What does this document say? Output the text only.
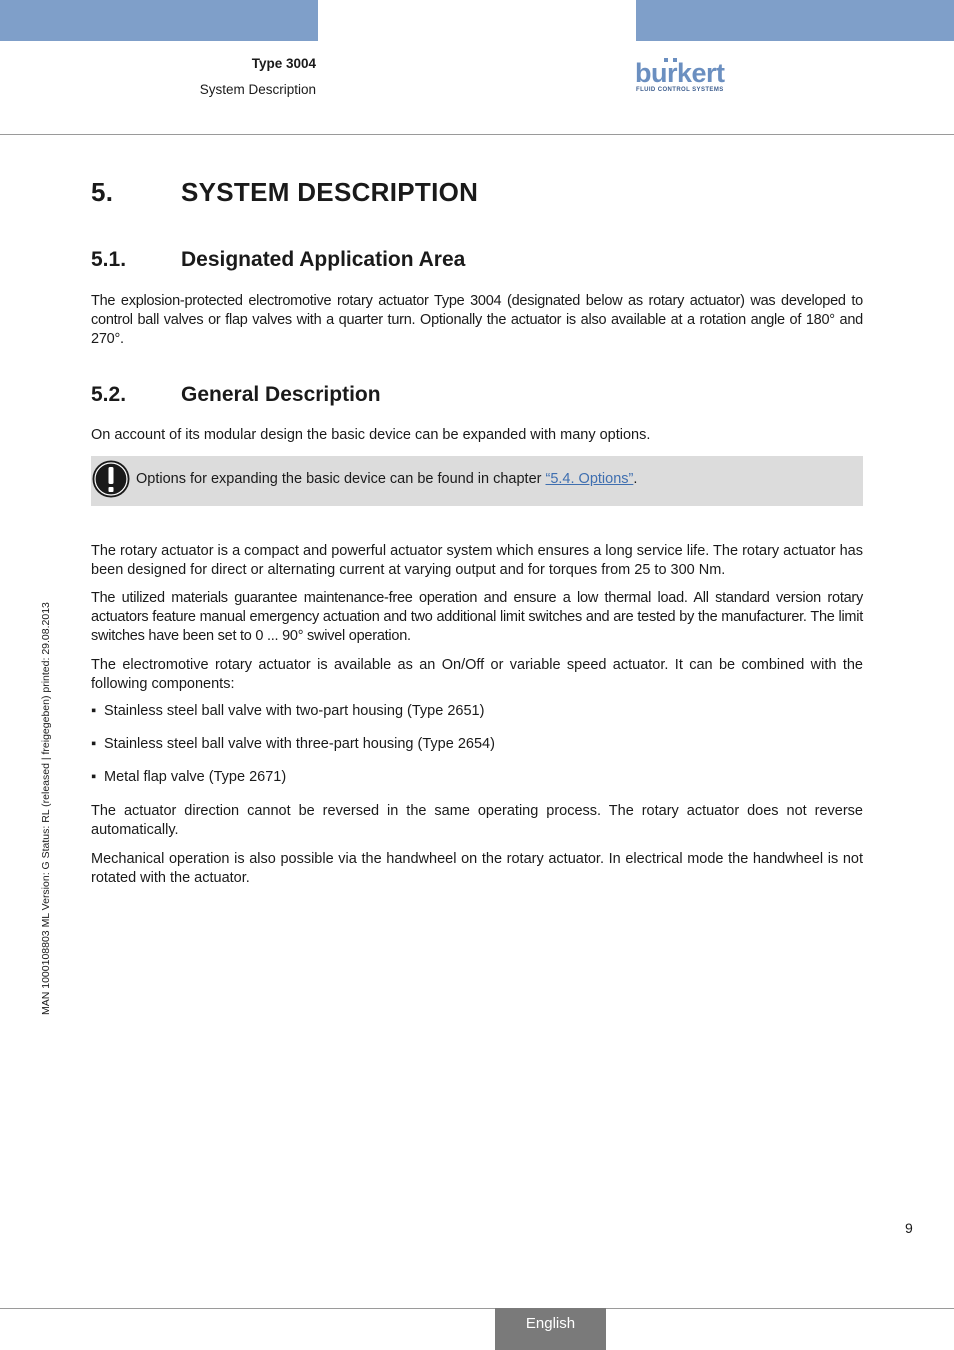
Type 3004
System Description
burkert
FLUID CONTROL SYSTEMS
MAN 1000108803 ML Version: G Status: RL (released | freigegeben) printed: 29.08.2013
5.	SYSTEM DESCRIPTION
5.1.	Designated Application Area
The explosion-protected electromotive rotary actuator Type 3004 (designated below as rotary actuator) was developed to control ball valves or flap valves with a quarter turn. Optionally the actuator is also available at a rotation angle of 180° and 270°.
5.2.	General Description
On account of its modular design the basic device can be expanded with many options.
Options for expanding the basic device can be found in chapter “5.4. Options”.
The rotary actuator is a compact and powerful actuator system which ensures a long service life. The rotary actuator has been designed for direct or alternating current at varying output and for torques from 25 to 300 Nm.
The utilized materials guarantee maintenance-free operation and ensure a low thermal load. All standard version rotary actuators feature manual emergency actuation and two additional limit switches and are tested by the manufacturer. The limit switches have been set to 0 ... 90° swivel operation.
The electromotive rotary actuator is available as an On/Off or variable speed actuator. It can be combined with the following components:
▪ Stainless steel ball valve with two-part housing (Type 2651)
▪ Stainless steel ball valve with three-part housing (Type 2654)
▪ Metal flap valve (Type 2671)
The actuator direction cannot be reversed in the same operating process. The rotary actuator does not reverse automatically.
Mechanical operation is also possible via the handwheel on the rotary actuator. In electrical mode the handwheel is not rotated with the actuator.
9
English
